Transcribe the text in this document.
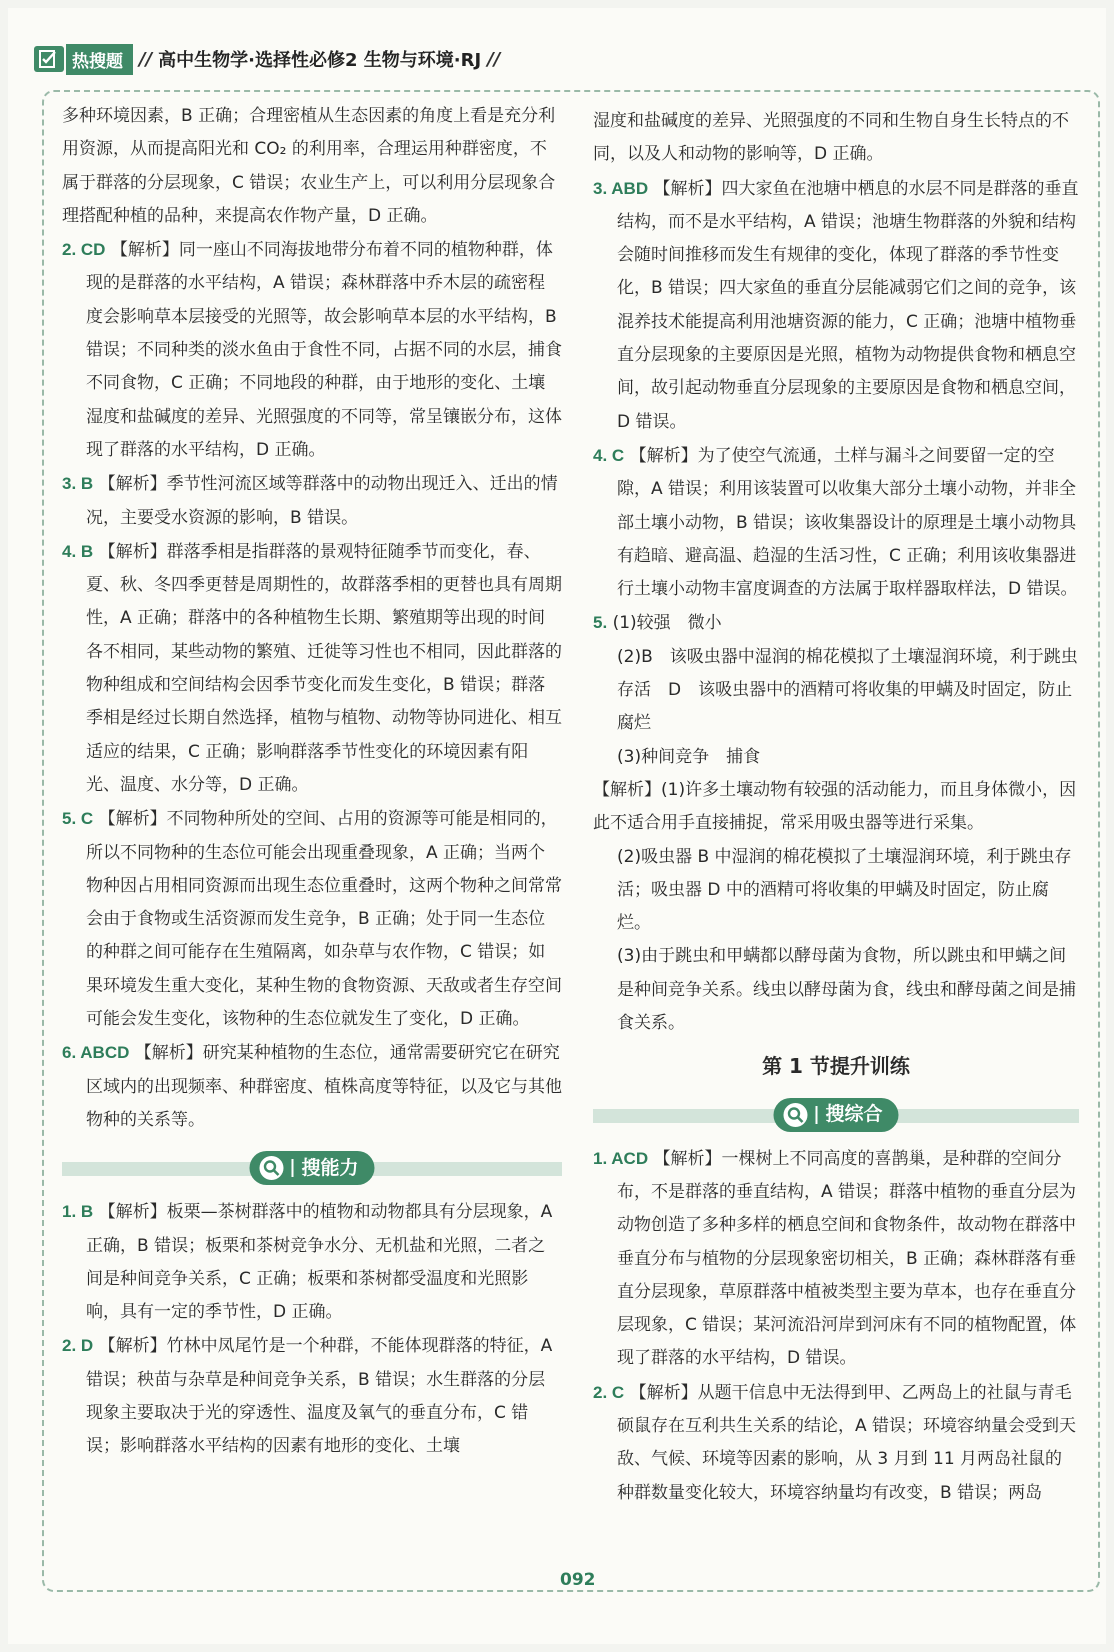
热搜题 // 高中生物学·选择性必修2 生物与环境·RJ //

多种环境因素，B 正确；合理密植从生态因素的角度上看是充分利用资源，从而提高阳光和 CO₂ 的利用率，合理运用种群密度，不属于群落的分层现象，C 错误；农业生产上，可以利用分层现象合理搭配种植的品种，来提高农作物产量，D 正确。

2. CD 【解析】同一座山不同海拔地带分布着不同的植物种群，体现的是群落的水平结构，A 错误；森林群落中乔木层的疏密程度会影响草本层接受的光照等，故会影响草本层的水平结构，B 错误；不同种类的淡水鱼由于食性不同，占据不同的水层，捕食不同食物，C 正确；不同地段的种群，由于地形的变化、土壤湿度和盐碱度的差异、光照强度的不同等，常呈镶嵌分布，这体现了群落的水平结构，D 正确。

3. B 【解析】季节性河流区域等群落中的动物出现迁入、迁出的情况，主要受水资源的影响，B 错误。

4. B 【解析】群落季相是指群落的景观特征随季节而变化，春、夏、秋、冬四季更替是周期性的，故群落季相的更替也具有周期性，A 正确；群落中的各种植物生长期、繁殖期等出现的时间各不相同，某些动物的繁殖、迁徙等习性也不相同，因此群落的物种组成和空间结构会因季节变化而发生变化，B 错误；群落季相是经过长期自然选择，植物与植物、动物等协同进化、相互适应的结果，C 正确；影响群落季节性变化的环境因素有阳光、温度、水分等，D 正确。

5. C 【解析】不同物种所处的空间、占用的资源等可能是相同的，所以不同物种的生态位可能会出现重叠现象，A 正确；当两个物种因占用相同资源而出现生态位重叠时，这两个物种之间常常会由于食物或生活资源而发生竞争，B 正确；处于同一生态位的种群之间可能存在生殖隔离，如杂草与农作物，C 错误；如果环境发生重大变化，某种生物的食物资源、天敌或者生存空间可能会发生变化，该物种的生态位就发生了变化，D 正确。

6. ABCD 【解析】研究某种植物的生态位，通常需要研究它在研究区域内的出现频率、种群密度、植株高度等特征，以及它与其他物种的关系等。

搜能力

1. B 【解析】板栗—茶树群落中的植物和动物都具有分层现象，A 正确，B 错误；板栗和茶树竞争水分、无机盐和光照，二者之间是种间竞争关系，C 正确；板栗和茶树都受温度和光照影响，具有一定的季节性，D 正确。

2. D 【解析】竹林中凤尾竹是一个种群，不能体现群落的特征，A 错误；秧苗与杂草是种间竞争关系，B 错误；水生群落的分层现象主要取决于光的穿透性、温度及氧气的垂直分布，C 错误；影响群落水平结构的因素有地形的变化、土壤

湿度和盐碱度的差异、光照强度的不同和生物自身生长特点的不同，以及人和动物的影响等，D 正确。

3. ABD 【解析】四大家鱼在池塘中栖息的水层不同是群落的垂直结构，而不是水平结构，A 错误；池塘生物群落的外貌和结构会随时间推移而发生有规律的变化，体现了群落的季节性变化，B 错误；四大家鱼的垂直分层能减弱它们之间的竞争，该混养技术能提高利用池塘资源的能力，C 正确；池塘中植物垂直分层现象的主要原因是光照，植物为动物提供食物和栖息空间，故引起动物垂直分层现象的主要原因是食物和栖息空间，D 错误。

4. C 【解析】为了使空气流通，土样与漏斗之间要留一定的空隙，A 错误；利用该装置可以收集大部分土壤小动物，并非全部土壤小动物，B 错误；该收集器设计的原理是土壤小动物具有趋暗、避高温、趋湿的生活习性，C 正确；利用该收集器进行土壤小动物丰富度调查的方法属于取样器取样法，D 错误。

5. (1)较强　微小

(2)B　该吸虫器中湿润的棉花模拟了土壤湿润环境，利于跳虫存活　D　该吸虫器中的酒精可将收集的甲螨及时固定，防止腐烂

(3)种间竞争　捕食

【解析】(1)许多土壤动物有较强的活动能力，而且身体微小，因此不适合用手直接捕捉，常采用吸虫器等进行采集。

(2)吸虫器 B 中湿润的棉花模拟了土壤湿润环境，利于跳虫存活；吸虫器 D 中的酒精可将收集的甲螨及时固定，防止腐烂。

(3)由于跳虫和甲螨都以酵母菌为食物，所以跳虫和甲螨之间是种间竞争关系。线虫以酵母菌为食，线虫和酵母菌之间是捕食关系。

第 1 节提升训练
搜综合

1. ACD 【解析】一棵树上不同高度的喜鹊巢，是种群的空间分布，不是群落的垂直结构，A 错误；群落中植物的垂直分层为动物创造了多种多样的栖息空间和食物条件，故动物在群落中垂直分布与植物的分层现象密切相关，B 正确；森林群落有垂直分层现象，草原群落中植被类型主要为草本，也存在垂直分层现象，C 错误；某河流沿河岸到河床有不同的植物配置，体现了群落的水平结构，D 错误。

2. C 【解析】从题干信息中无法得到甲、乙两岛上的社鼠与青毛硕鼠存在互利共生关系的结论，A 错误；环境容纳量会受到天敌、气候、环境等因素的影响，从 3 月到 11 月两岛社鼠的种群数量变化较大，环境容纳量均有改变，B 错误；两岛

092
